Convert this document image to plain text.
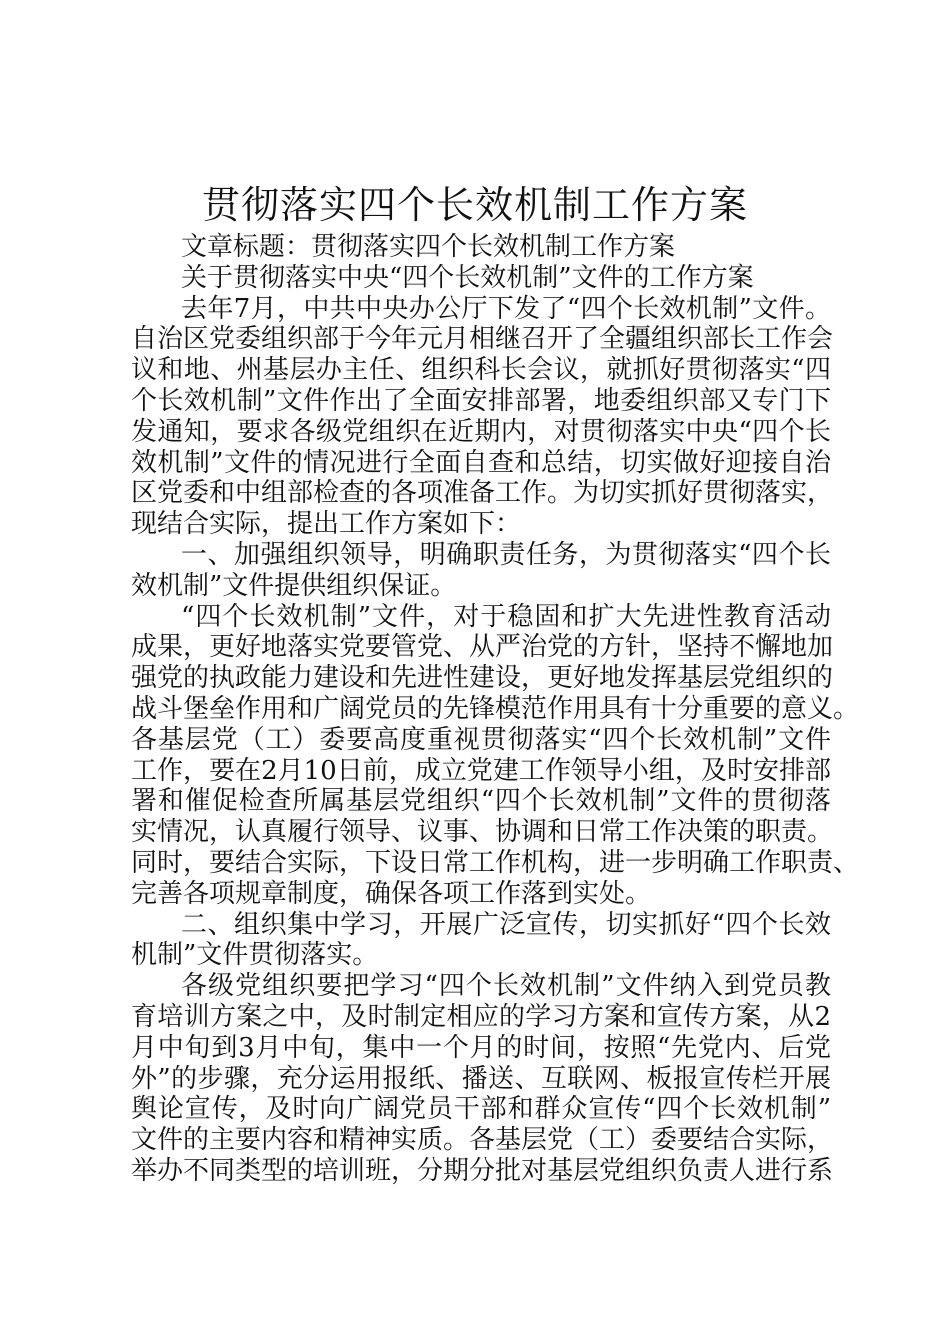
贯彻落实四个长效机制工作方案
文章标题：贯彻落实四个长效机制工作方案
关于贯彻落实中央“四个长效机制”文件的工作方案
去年7月，中共中央办公厅下发了“四个长效机制”文件。
自治区党委组织部于今年元月相继召开了全疆组织部长工作会
议和地、州基层办主任、组织科长会议，就抓好贯彻落实“四
个长效机制”文件作出了全面安排部署，地委组织部又专门下
发通知，要求各级党组织在近期内，对贯彻落实中央“四个长
效机制”文件的情况进行全面自查和总结，切实做好迎接自治
区党委和中组部检查的各项准备工作。为切实抓好贯彻落实，
现结合实际，提出工作方案如下：
一、加强组织领导，明确职责任务，为贯彻落实“四个长
效机制”文件提供组织保证。
“四个长效机制”文件，对于稳固和扩大先进性教育活动
成果，更好地落实党要管党、从严治党的方针，坚持不懈地加
强党的执政能力建设和先进性建设，更好地发挥基层党组织的
战斗堡垒作用和广阔党员的先锋模范作用具有十分重要的意义。
各基层党（工）委要高度重视贯彻落实“四个长效机制”文件
工作，要在2月10日前，成立党建工作领导小组，及时安排部
署和催促检查所属基层党组织“四个长效机制”文件的贯彻落
实情况，认真履行领导、议事、协调和日常工作决策的职责。
同时，要结合实际，下设日常工作机构，进一步明确工作职责、
完善各项规章制度，确保各项工作落到实处。
二、组织集中学习，开展广泛宣传，切实抓好“四个长效
机制”文件贯彻落实。
各级党组织要把学习“四个长效机制”文件纳入到党员教
育培训方案之中，及时制定相应的学习方案和宣传方案，从2
月中旬到3月中旬，集中一个月的时间，按照“先党内、后党
外”的步骤，充分运用报纸、播送、互联网、板报宣传栏开展
舆论宣传，及时向广阔党员干部和群众宣传“四个长效机制”
文件的主要内容和精神实质。各基层党（工）委要结合实际，
举办不同类型的培训班，分期分批对基层党组织负责人进行系
